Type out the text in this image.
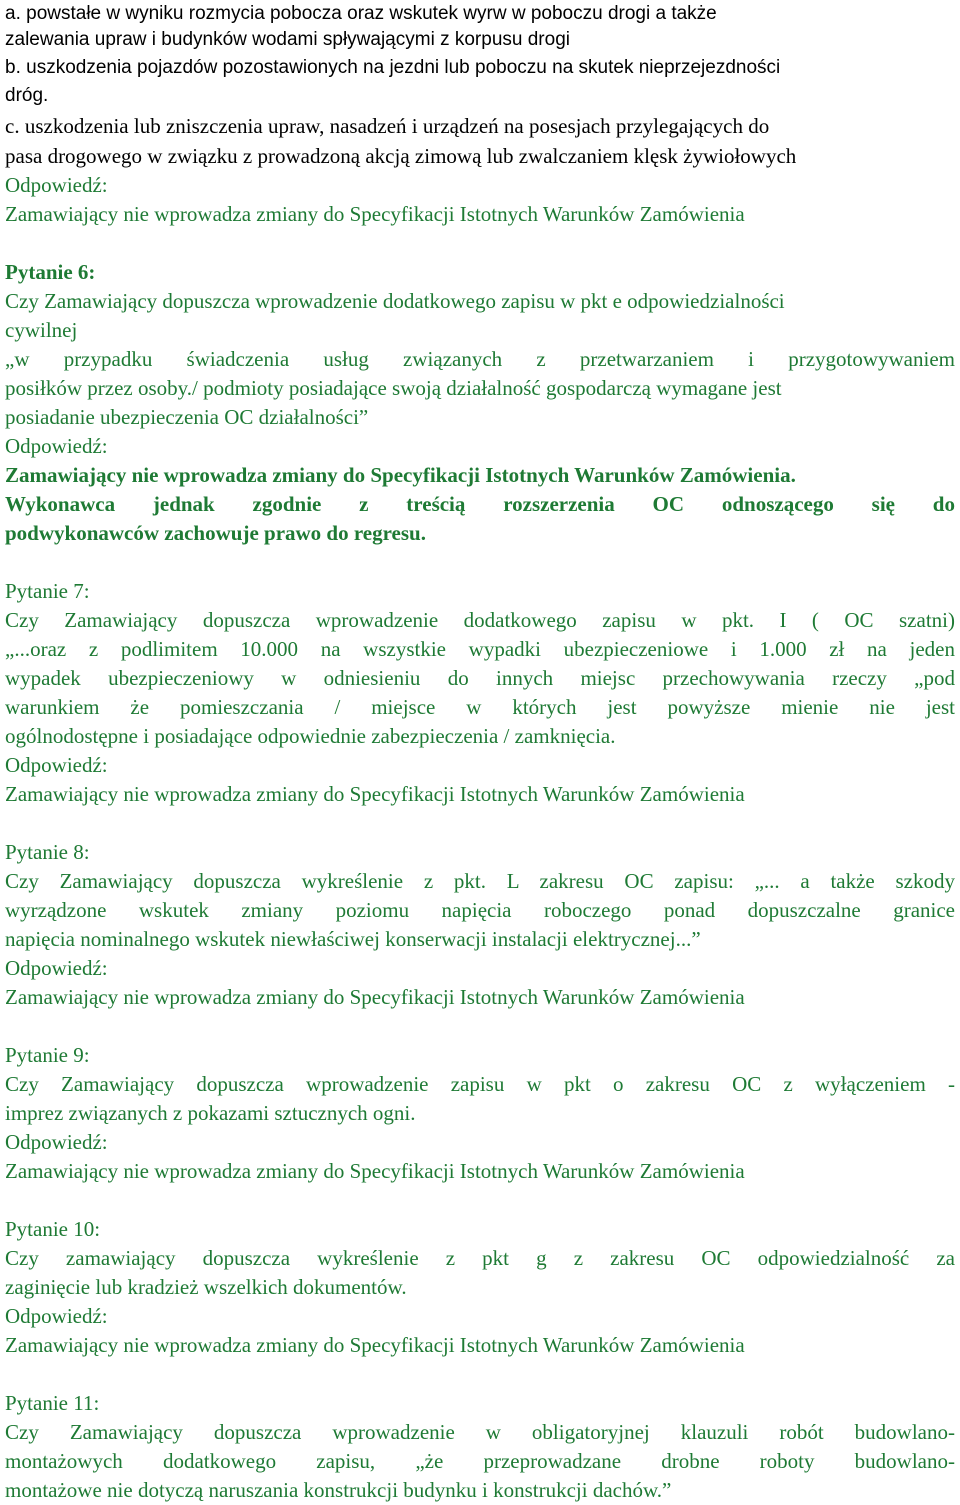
a. powstałe w wyniku rozmycia pobocza oraz wskutek wyrw w poboczu drogi a także
zalewania upraw i budynków wodami spływającymi z korpusu drogi
b. uszkodzenia pojazdów pozostawionych na jezdni lub poboczu na skutek nieprzejezdności
dróg.
c. uszkodzenia lub zniszczenia upraw, nasadzeń i urządzeń na posesjach przylegających do
pasa drogowego w związku z prowadzoną akcją zimową lub zwalczaniem klęsk żywiołowych
Odpowiedź:
Zamawiający nie wprowadza zmiany do Specyfikacji Istotnych Warunków Zamówienia
Pytanie 6:
Czy Zamawiający dopuszcza wprowadzenie dodatkowego zapisu w pkt e odpowiedzialności
cywilnej
„w przypadku świadczenia usług związanych z przetwarzaniem i przygotowywaniem
posiłków przez osoby./ podmioty posiadające swoją działalność gospodarczą wymagane jest
posiadanie ubezpieczenia OC działalności”
Odpowiedź:
Zamawiający nie wprowadza zmiany do Specyfikacji Istotnych Warunków Zamówienia.
Wykonawca jednak zgodnie z treścią rozszerzenia OC odnoszącego się do
podwykonawców zachowuje prawo do regresu.
Pytanie 7:
Czy Zamawiający dopuszcza wprowadzenie dodatkowego zapisu w pkt. I ( OC szatni)
„...oraz z podlimitem 10.000 na wszystkie wypadki ubezpieczeniowe i 1.000 zł na jeden
wypadek ubezpieczeniowy w odniesieniu do innych miejsc przechowywania rzeczy „pod
warunkiem że pomieszczania / miejsce w których jest powyższe mienie nie jest
ogólnodostępne i posiadające odpowiednie zabezpieczenia / zamknięcia.
Odpowiedź:
Zamawiający nie wprowadza zmiany do Specyfikacji Istotnych Warunków Zamówienia
Pytanie 8:
Czy Zamawiający dopuszcza wykreślenie z pkt. L zakresu OC zapisu: „... a także szkody
wyrządzone wskutek zmiany poziomu napięcia roboczego ponad dopuszczalne granice
napięcia nominalnego wskutek niewłaściwej konserwacji instalacji elektrycznej...”
Odpowiedź:
Zamawiający nie wprowadza zmiany do Specyfikacji Istotnych Warunków Zamówienia
Pytanie 9:
Czy Zamawiający dopuszcza wprowadzenie zapisu w pkt o zakresu OC z wyłączeniem -
imprez związanych z pokazami sztucznych ogni.
Odpowiedź:
Zamawiający nie wprowadza zmiany do Specyfikacji Istotnych Warunków Zamówienia
Pytanie 10:
Czy zamawiający dopuszcza wykreślenie z pkt g z zakresu OC odpowiedzialność za
zaginięcie lub kradzież wszelkich dokumentów.
Odpowiedź:
Zamawiający nie wprowadza zmiany do Specyfikacji Istotnych Warunków Zamówienia
Pytanie 11:
Czy Zamawiający dopuszcza wprowadzenie w obligatoryjnej klauzuli robót budowlano-
montażowych dodatkowego zapisu, „że przeprowadzane drobne roboty budowlano-
montażowe nie dotyczą naruszania konstrukcji budynku i konstrukcji dachów.”
